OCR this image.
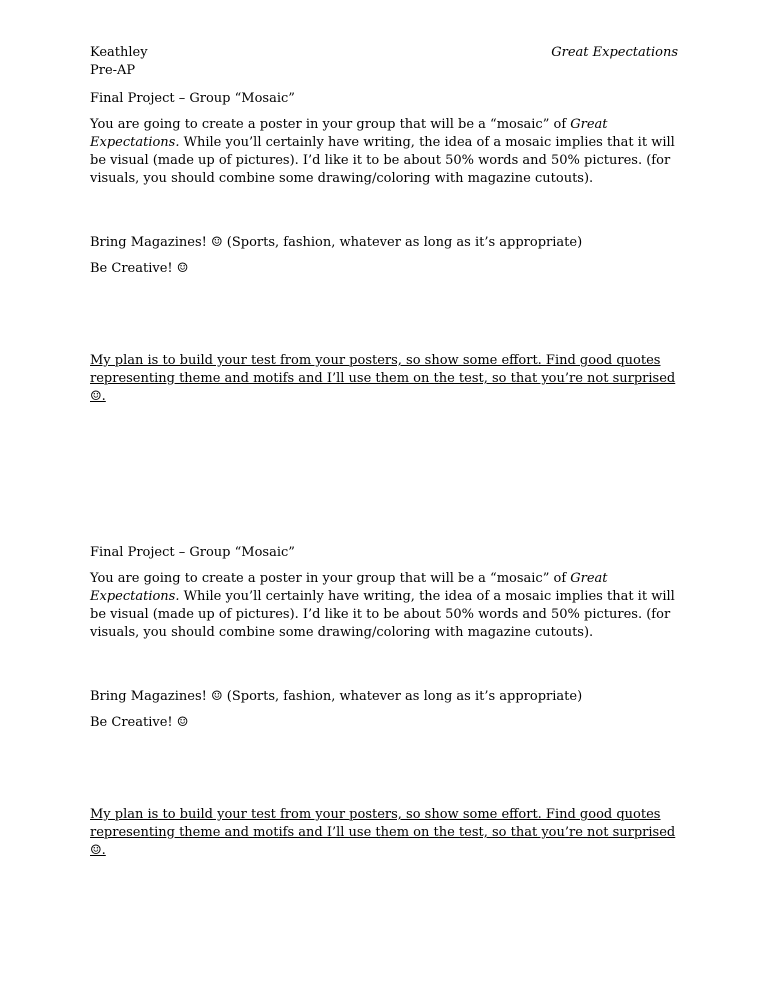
Keathley
Pre-AP
Great Expectations

Final Project – Group “Mosaic”

You are going to create a poster in your group that will be a “mosaic” of Great Expectations. While you’ll certainly have writing, the idea of a mosaic implies that it will be visual (made up of pictures). I’d like it to be about 50% words and 50% pictures. (for visuals, you should combine some drawing/coloring with magazine cutouts).

Bring Magazines! ☺ (Sports, fashion, whatever as long as it’s appropriate)

Be Creative! ☺

My plan is to build your test from your posters, so show some effort. Find good quotes representing theme and motifs and I’ll use them on the test, so that you’re not surprised ☺.

Final Project – Group “Mosaic”

You are going to create a poster in your group that will be a “mosaic” of Great Expectations. While you’ll certainly have writing, the idea of a mosaic implies that it will be visual (made up of pictures). I’d like it to be about 50% words and 50% pictures. (for visuals, you should combine some drawing/coloring with magazine cutouts).

Bring Magazines! ☺ (Sports, fashion, whatever as long as it’s appropriate)

Be Creative! ☺

My plan is to build your test from your posters, so show some effort. Find good quotes representing theme and motifs and I’ll use them on the test, so that you’re not surprised ☺.
